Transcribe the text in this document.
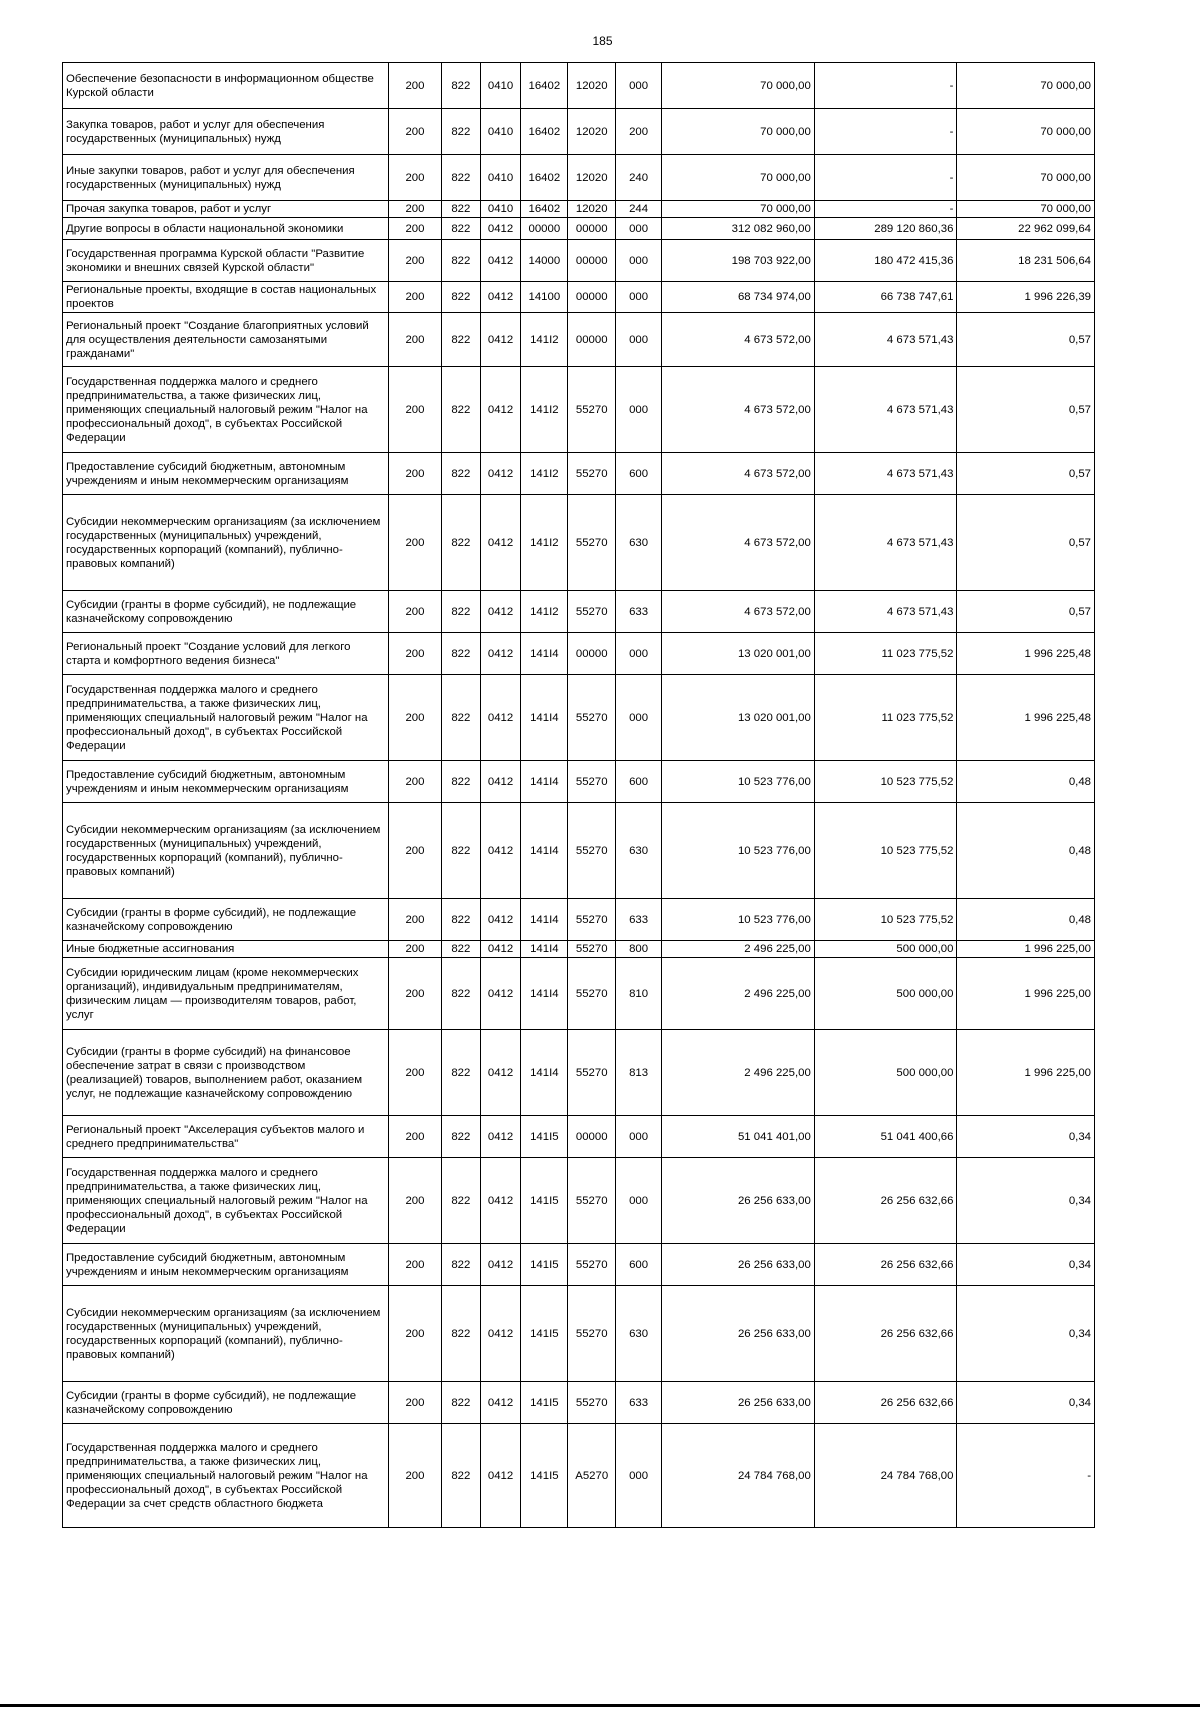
185
Обеспечение безопасности в информационном обществе Курской области	200	822	0410	16402	12020	000	70 000,00	-	70 000,00
Закупка товаров, работ и услуг для обеспечения государственных (муниципальных) нужд	200	822	0410	16402	12020	200	70 000,00	-	70 000,00
Иные закупки товаров, работ и услуг для обеспечения государственных (муниципальных) нужд	200	822	0410	16402	12020	240	70 000,00	-	70 000,00
Прочая закупка товаров, работ и услуг	200	822	0410	16402	12020	244	70 000,00	-	70 000,00
Другие вопросы в области национальной экономики	200	822	0412	00000	00000	000	312 082 960,00	289 120 860,36	22 962 099,64
Государственная программа Курской области "Развитие экономики и внешних связей Курской области"	200	822	0412	14000	00000	000	198 703 922,00	180 472 415,36	18 231 506,64
Региональные проекты, входящие в состав национальных проектов	200	822	0412	14100	00000	000	68 734 974,00	66 738 747,61	1 996 226,39
Региональный проект "Создание благоприятных условий для осуществления деятельности самозанятыми гражданами"	200	822	0412	141I2	00000	000	4 673 572,00	4 673 571,43	0,57
Государственная поддержка малого и среднего предпринимательства, а также физических лиц, применяющих специальный налоговый режим "Налог на профессиональный доход", в субъектах Российской Федерации	200	822	0412	141I2	55270	000	4 673 572,00	4 673 571,43	0,57
Предоставление субсидий бюджетным, автономным учреждениям и иным некоммерческим организациям	200	822	0412	141I2	55270	600	4 673 572,00	4 673 571,43	0,57
Субсидии некоммерческим организациям (за исключением государственных (муниципальных) учреждений, государственных корпораций (компаний), публично-правовых компаний)	200	822	0412	141I2	55270	630	4 673 572,00	4 673 571,43	0,57
Субсидии (гранты в форме субсидий), не подлежащие казначейскому сопровождению	200	822	0412	141I2	55270	633	4 673 572,00	4 673 571,43	0,57
Региональный проект "Создание условий для легкого старта и комфортного ведения бизнеса"	200	822	0412	141I4	00000	000	13 020 001,00	11 023 775,52	1 996 225,48
Государственная поддержка малого и среднего предпринимательства, а также физических лиц, применяющих специальный налоговый режим "Налог на профессиональный доход", в субъектах Российской Федерации	200	822	0412	141I4	55270	000	13 020 001,00	11 023 775,52	1 996 225,48
Предоставление субсидий бюджетным, автономным учреждениям и иным некоммерческим организациям	200	822	0412	141I4	55270	600	10 523 776,00	10 523 775,52	0,48
Субсидии некоммерческим организациям (за исключением государственных (муниципальных) учреждений, государственных корпораций (компаний), публично-правовых компаний)	200	822	0412	141I4	55270	630	10 523 776,00	10 523 775,52	0,48
Субсидии (гранты в форме субсидий), не подлежащие казначейскому сопровождению	200	822	0412	141I4	55270	633	10 523 776,00	10 523 775,52	0,48
Иные бюджетные ассигнования	200	822	0412	141I4	55270	800	2 496 225,00	500 000,00	1 996 225,00
Субсидии юридическим лицам (кроме некоммерческих организаций), индивидуальным предпринимателям, физическим лицам — производителям товаров, работ, услуг	200	822	0412	141I4	55270	810	2 496 225,00	500 000,00	1 996 225,00
Субсидии (гранты в форме субсидий) на финансовое обеспечение затрат в связи с производством (реализацией) товаров, выполнением работ, оказанием услуг, не подлежащие казначейскому сопровождению	200	822	0412	141I4	55270	813	2 496 225,00	500 000,00	1 996 225,00
Региональный проект "Акселерация субъектов малого и среднего предпринимательства"	200	822	0412	141I5	00000	000	51 041 401,00	51 041 400,66	0,34
Государственная поддержка малого и среднего предпринимательства, а также физических лиц, применяющих специальный налоговый режим "Налог на профессиональный доход", в субъектах Российской Федерации	200	822	0412	141I5	55270	000	26 256 633,00	26 256 632,66	0,34
Предоставление субсидий бюджетным, автономным учреждениям и иным некоммерческим организациям	200	822	0412	141I5	55270	600	26 256 633,00	26 256 632,66	0,34
Субсидии некоммерческим организациям (за исключением государственных (муниципальных) учреждений, государственных корпораций (компаний), публично-правовых компаний)	200	822	0412	141I5	55270	630	26 256 633,00	26 256 632,66	0,34
Субсидии (гранты в форме субсидий), не подлежащие казначейскому сопровождению	200	822	0412	141I5	55270	633	26 256 633,00	26 256 632,66	0,34
Государственная поддержка малого и среднего предпринимательства, а также физических лиц, применяющих специальный налоговый режим "Налог на профессиональный доход", в субъектах Российской Федерации за счет средств областного бюджета	200	822	0412	141I5	A5270	000	24 784 768,00	24 784 768,00	-
